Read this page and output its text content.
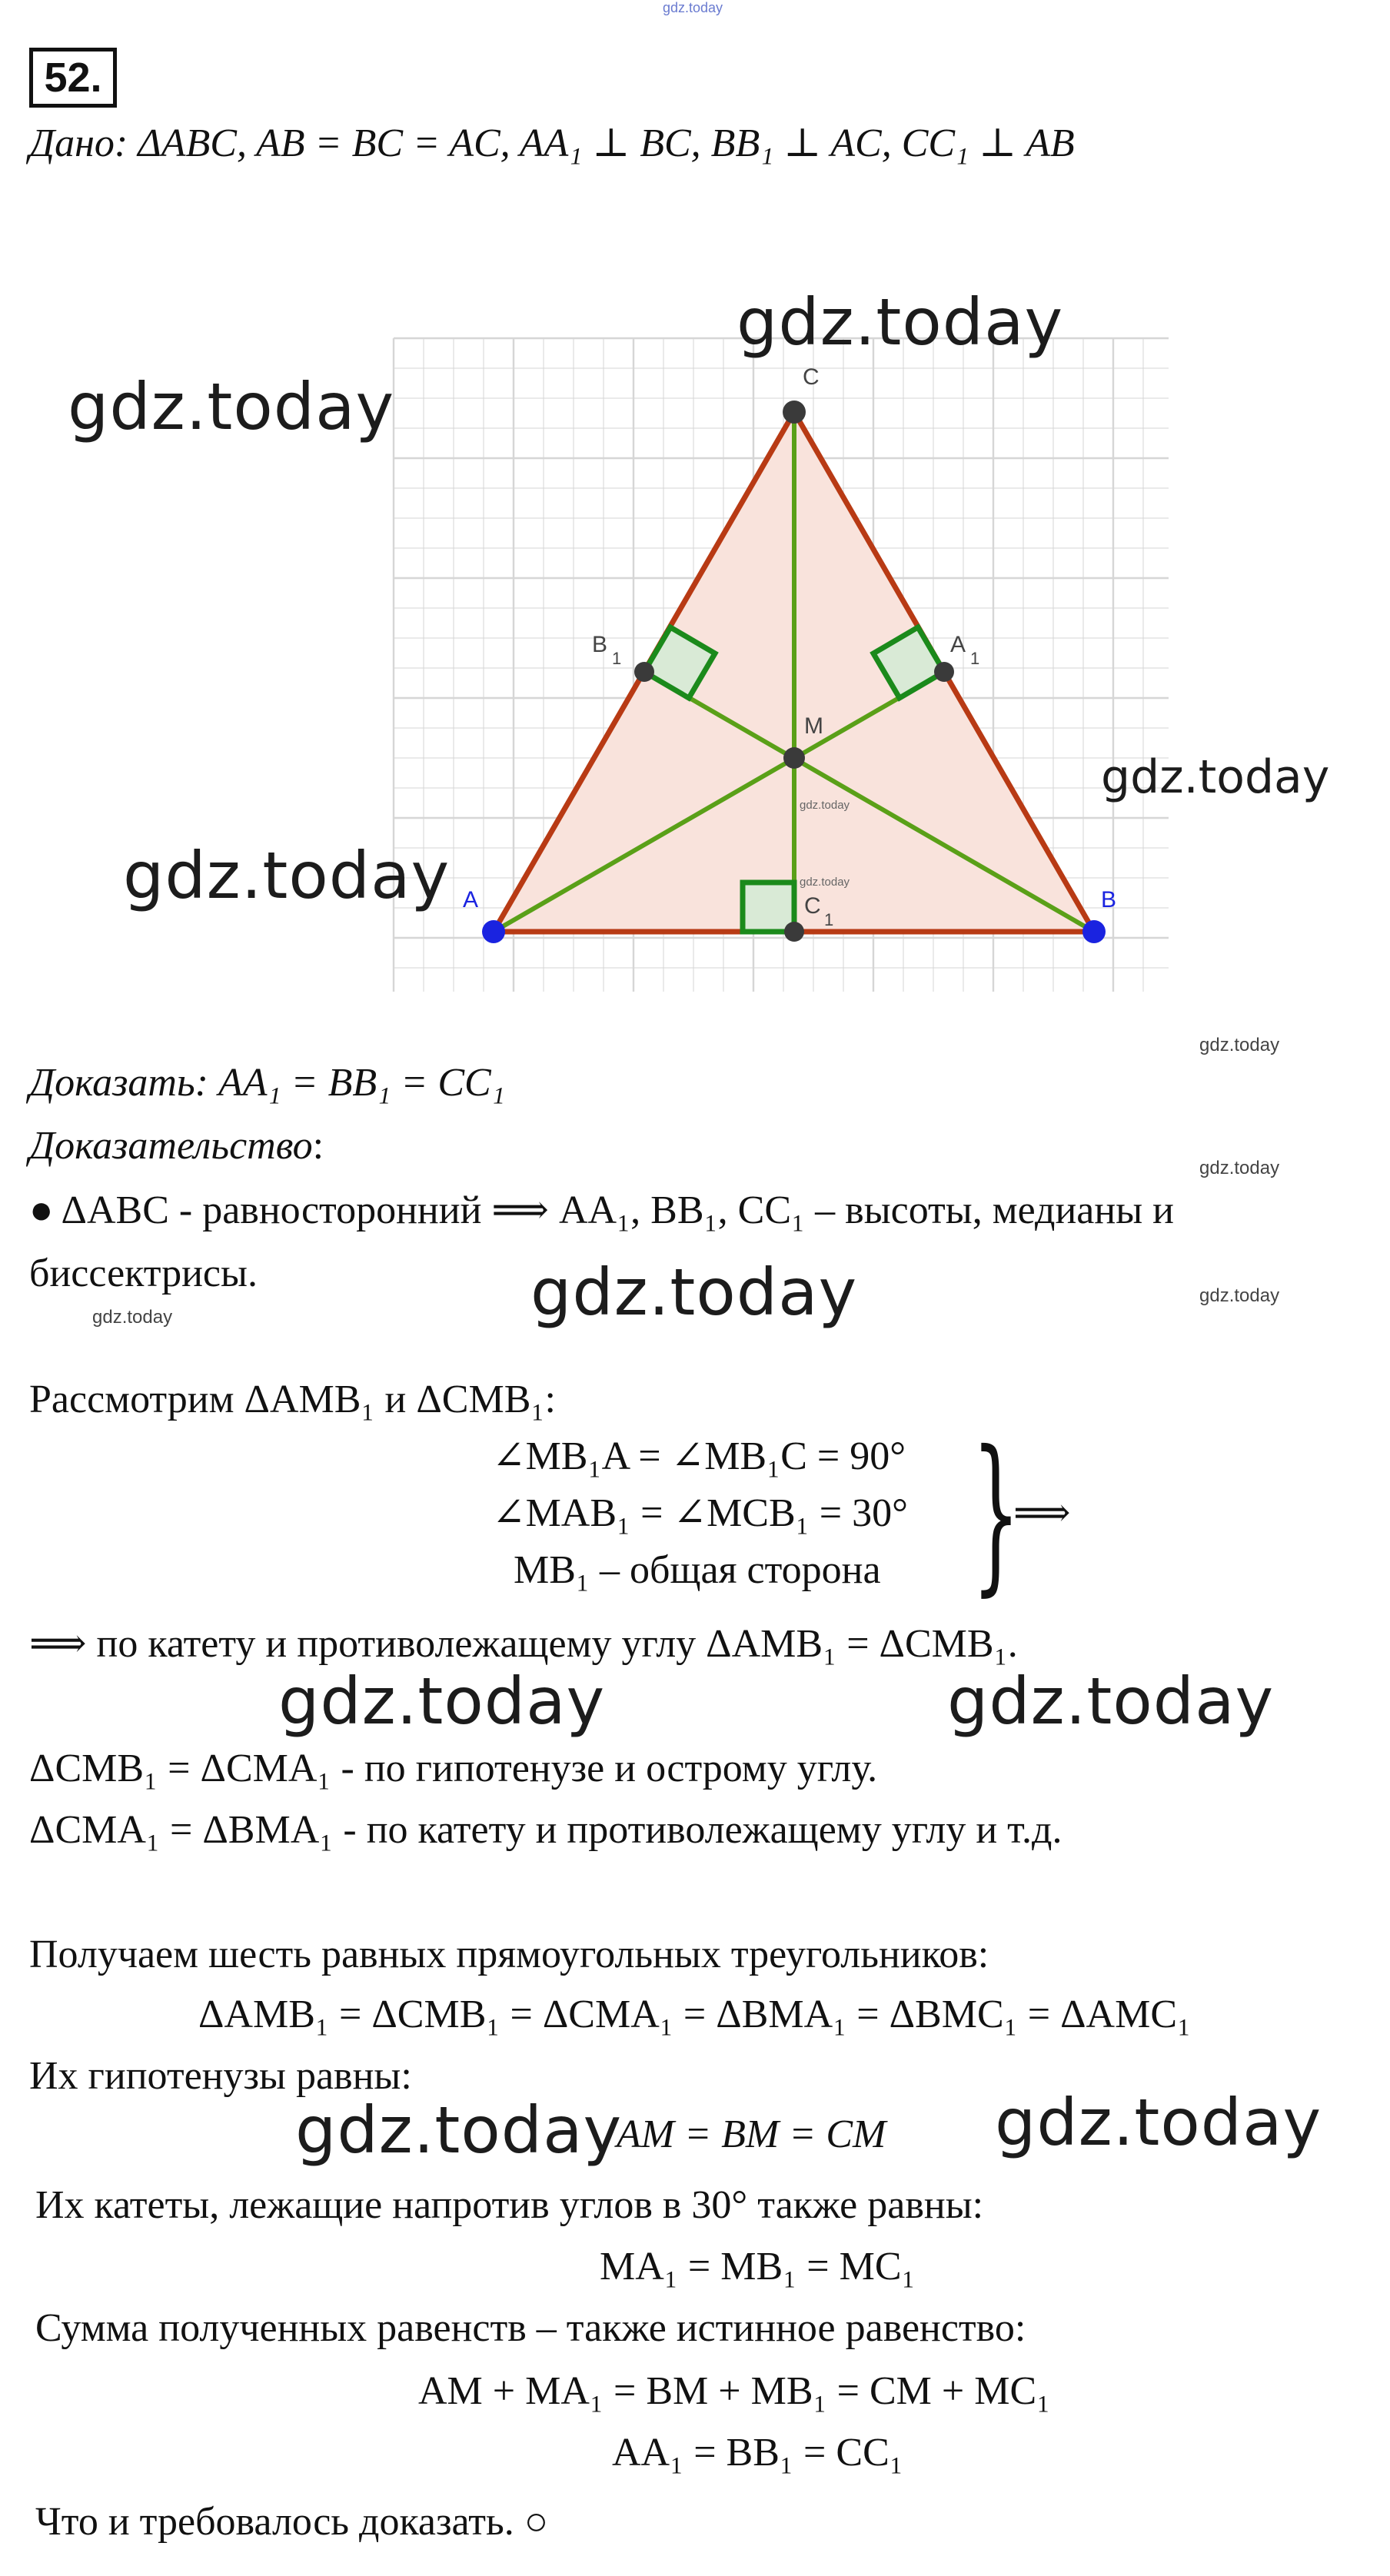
gdz.today
52.
Дано: ΔABC, AB = BC = AC, AA₁ ⊥ BC, BB₁ ⊥ AC, CC₁ ⊥ AB
C
M
A	B
B
1
A
1
C
1
gdz.today
gdz.today
gdz.today
gdz.today
gdz.today
gdz.today
gdz.today
Доказать: AA₁ = BB₁ = CC₁
Доказательство:
gdz.today
● ΔABC - равносторонний ⟹ AA₁, BB₁, CC₁ – высоты, медианы и
биссектрисы.
gdz.today	gdz.today	gdz.today
Рассмотрим ΔAMB₁ и ΔCMB₁:
∠MB₁A = ∠MB₁C = 90°
∠MAB₁ = ∠MCB₁ = 30°
MB₁ – общая сторона }
⟹
⟹ по катету и противолежащему углу ΔAMB₁ = ΔCMB₁.
gdz.today	gdz.today
ΔCMB₁ = ΔCMA₁ - по гипотенузе и острому углу.
ΔCMA₁ = ΔBMA₁ - по катету и противолежащему углу и т.д.
Получаем шесть равных прямоугольных треугольников:
ΔAMB₁ = ΔCMB₁ = ΔCMA₁ = ΔBMA₁ = ΔBMC₁ = ΔAMC₁
Их гипотенузы равны:
gdz.today
AM = BM = CM gdz.today
Их катеты, лежащие напротив углов в 30° также равны:
MA₁ = MB₁ = MC₁
Сумма полученных равенств – также истинное равенство:
AM + MA₁ = BM + MB₁ = CM + MC₁
AA₁ = BB₁ = CC₁
Что и требовалось доказать. ○
